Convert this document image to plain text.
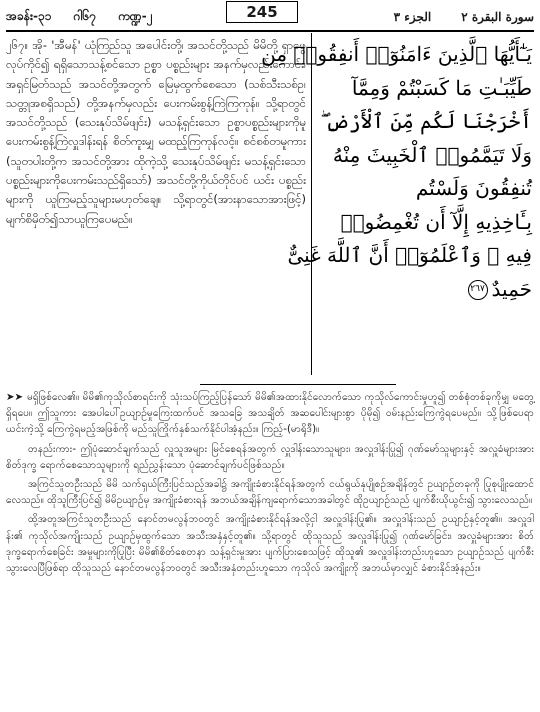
အခန်း-၃၁ ဂါ၆၇ ကဏ္ဍ-၂	الجزء ٣	سورة البقرة ٢
245

၂၆၇။ အို- 'အီမန်' ယုံကြည်သူ အပေါင်းတို့၊ အသင်တို့သည် မိမိတို့ ရှာဖွေလုပ်ကိုင်၍ ရရှိသောသန့်စင်သော ဥစ္စာ ပစ္စည်းများ အနက်မှလည်းကောင်း၊ အရှင်မြတ်သည် အသင်တို့အတွက် မြေမှထွက်စေသော (သစ်သီးသစ်ဥ၊ သတ္တုအစရှိသည်) တို့အနက်မှလည်း ပေးကမ်းစွန့်ကြဲကြကုန်။ သို့ရာတွင် အသင်တို့သည် (သေးနုပ်သိမ်ဖျင်း) မသန့်ရှင်းသော ဥစ္စာပစ္စည်းများကိုမူ ပေးကမ်းစွန့်ကြဲလှူဒါန်းရန် စိတ်ကူးမျှ မထည့်ကြကုန်လင့်။ စင်စစ်တမူကား (သူတပါးတို့က အသင်တို့အား ထိုကဲ့သို့ သေးနုပ်သိမ်ဖျင်း မသန့်ရှင်းသော ပစ္စည်းများကိုပေးကမ်းသည်ရှိသော်) အသင်တို့ကိုယ်တိုင်ပင် ယင်း ပစ္စည်းများကို ယူကြမည့်သူများမဟုတ်ချေ။ သို့ရာတွင်(အားနာသောအားဖြင့်) မျက်စိမှိတ်၍သာယူကြပေမည်။

يَـٰٓأَيُّهَا ٱلَّذِينَ ءَامَنُوٓا۟ أَنفِقُوا۟ مِن
طَيِّبَـٰتِ مَا كَسَبْتُمْ وَمِمَّآ
أَخْرَجْنَا لَكُم مِّنَ ٱلْأَرْضِ ۖ
وَلَا تَيَمَّمُوا۟ ٱلْخَبِيثَ مِنْهُ
تُنفِقُونَ وَلَسْتُم
بِـَٔاخِذِيهِ إِلَّآ أَن تُغْمِضُوا۟
فِيهِ ۚ وَٱعْلَمُوٓا۟ أَنَّ ٱللَّهَ غَنِىٌّ
حَمِيدٌ٢٦٧

➤➤ မရှိဖြစ်လေ၏။ မိမိ၏ကုသိုလ်စာရင်းကို သုံးသပ်ကြည့်ပြန်သော် မိမိ၏အထားနိုင်လောက်သော ကုသိုလ်ကောင်းမှုဟူ၍ တစ်စုံတစ်ခုကိုမျှ မတွေ့ရှိရပေ။ ဤသူကား အေပါပေါ်ဥယျာဉ်မှုကြေးထက်ပင် အသခြေ အသချိတ် အဆပေါင်းများစွာ ပိုမို၍ ဝမ်းနည်းကြေကွဲရပေမည်။ သို့ဖြစ်ပေရာ ယင်းကဲ့သို့ ကြေကွဲရမည့်အဖြစ်ကို မည်သူကြိုက်နှစ်သက်နိုင်ပါအံ့နည်း။ ကြည့်-(မာရိုဒီ)။

တနည်းကား- ဤပုံဆောင်ချက်သည် လှူသူအများ မြင်စေရန်အတွက် လှူဒါန်းသောသူများ၊ အလှူဒါန်းပြု၍ ဂုဏ်မော်သူများနှင့် အလှူခံများအား စိတ်ဒုက္ခ ရောက်စေသောသူများကို ရည်ညွှန်းသော ပုံဆောင်ချက်ပင်ဖြစ်သည်။

အကြင်သူတဦးသည် မိမိ သက်ရှယ်ကြီးပြင်သည့်အခါ၌ အကျိုးခံစားနိုင်ရန်အတွက် ငယ်ရွယ်နုပျိုစဉ်အချိန်တွင် ဥယျာဉ်တခုကို ပြုစုပျိုးထောင်လေသည်။ ထိုသူကြီးပြင်၍ မိမိဥယျာဉ်မှ အကျိုးခံစားရန် အဘယ်အချိန်ကျရောက်သောအခါတွင် ထိုဥယျာဉ်သည် ပျက်စီးယိုယွင်း၍ သွားလေသည်။

ထို့အတူအကြင်သူတဦးသည် နောင်တမလွန်ဘဝတွင် အကျိုးခံစားနိုင်ရန်အလို့ငှါ အလှူဒါန်းပြု၏။ အလှူဒါန်းသည် ဥယျာဉ်နှင့်တူ၏။ အလှူဒါန်း၏ ကုသိုလ်အကျိုးသည် ဥယျာဉ်မှထွက်သော အသီးအနှံနှင့်တူ၏။ သို့ရာတွင် ထိုသူသည် အလှူဒါန်းပြု၍ ဂုဏ်မော်ခြင်း၊ အလှူခံများအား စိတ်ဒုက္ခရောက်စေခြင်း အမှုများကိုပြုပြီး မိမိ၏စိတ်စေတနာ သန့်ရှင်းမှုအား ပျက်ပြားစေသဖြင့် ထိုသူ၏ အလှူဒါန်းတည်းဟူသော ဥယျာဉ်သည် ပျက်စီးသွားလေပြီဖြစ်ရာ ထိုသူသည် နောင်တမလွန်ဘဝတွင် အသီးအနှံတည်းဟူသော ကုသိုလ် အကျိုးကို အဘယ်မှာလျှင် ခံစားနိုင်အံ့နည်း။
